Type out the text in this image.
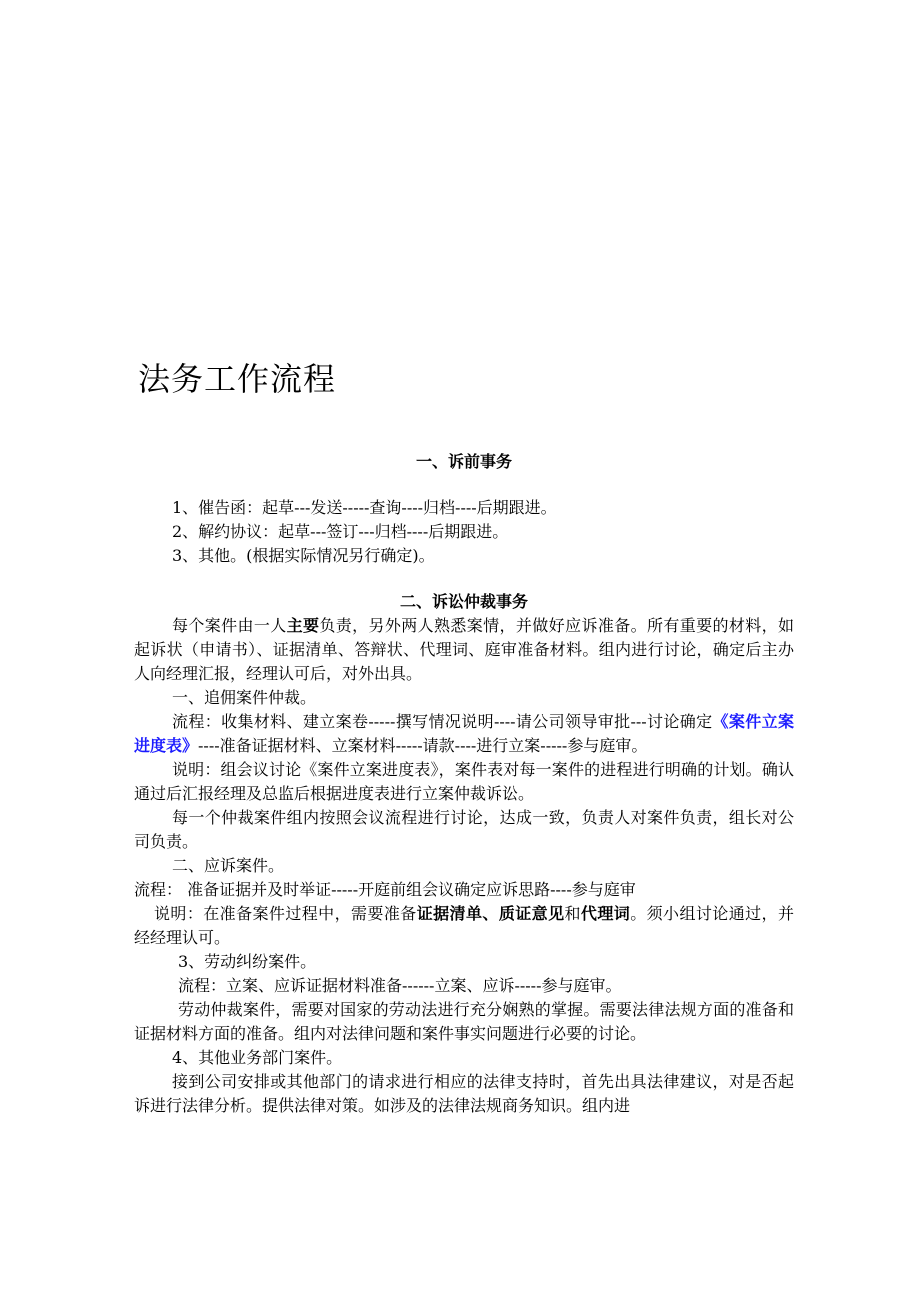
法务工作流程

一、诉前事务

1、催告函：起草---发送-----查询----归档----后期跟进。

2、解约协议：起草---签订---归档----后期跟进。

3、其他。(根据实际情况另行确定)。

二、诉讼仲裁事务

每个案件由一人主要负责，另外两人熟悉案情，并做好应诉准备。所有重要的材料，如起诉状（申请书）、证据清单、答辩状、代理词、庭审准备材料。组内进行讨论，确定后主办人向经理汇报，经理认可后，对外出具。

一、追佣案件仲裁。

流程：收集材料、建立案卷-----撰写情况说明----请公司领导审批---讨论确定《案件立案进度表》----准备证据材料、立案材料-----请款----进行立案-----参与庭审。

说明：组会议讨论《案件立案进度表》，案件表对每一案件的进程进行明确的计划。确认通过后汇报经理及总监后根据进度表进行立案仲裁诉讼。

每一个仲裁案件组内按照会议流程进行讨论，达成一致，负责人对案件负责，组长对公司负责。

二、应诉案件。

流程： 准备证据并及时举证-----开庭前组会议确定应诉思路----参与庭审

说明：在准备案件过程中，需要准备证据清单、质证意见和代理词。须小组讨论通过，并经经理认可。

3、劳动纠纷案件。

流程：立案、应诉证据材料准备------立案、应诉-----参与庭审。

劳动仲裁案件，需要对国家的劳动法进行充分娴熟的掌握。需要法律法规方面的准备和证据材料方面的准备。组内对法律问题和案件事实问题进行必要的讨论。

4、其他业务部门案件。

接到公司安排或其他部门的请求进行相应的法律支持时，首先出具法律建议，对是否起诉进行法律分析。提供法律对策。如涉及的法律法规商务知识。组内进
